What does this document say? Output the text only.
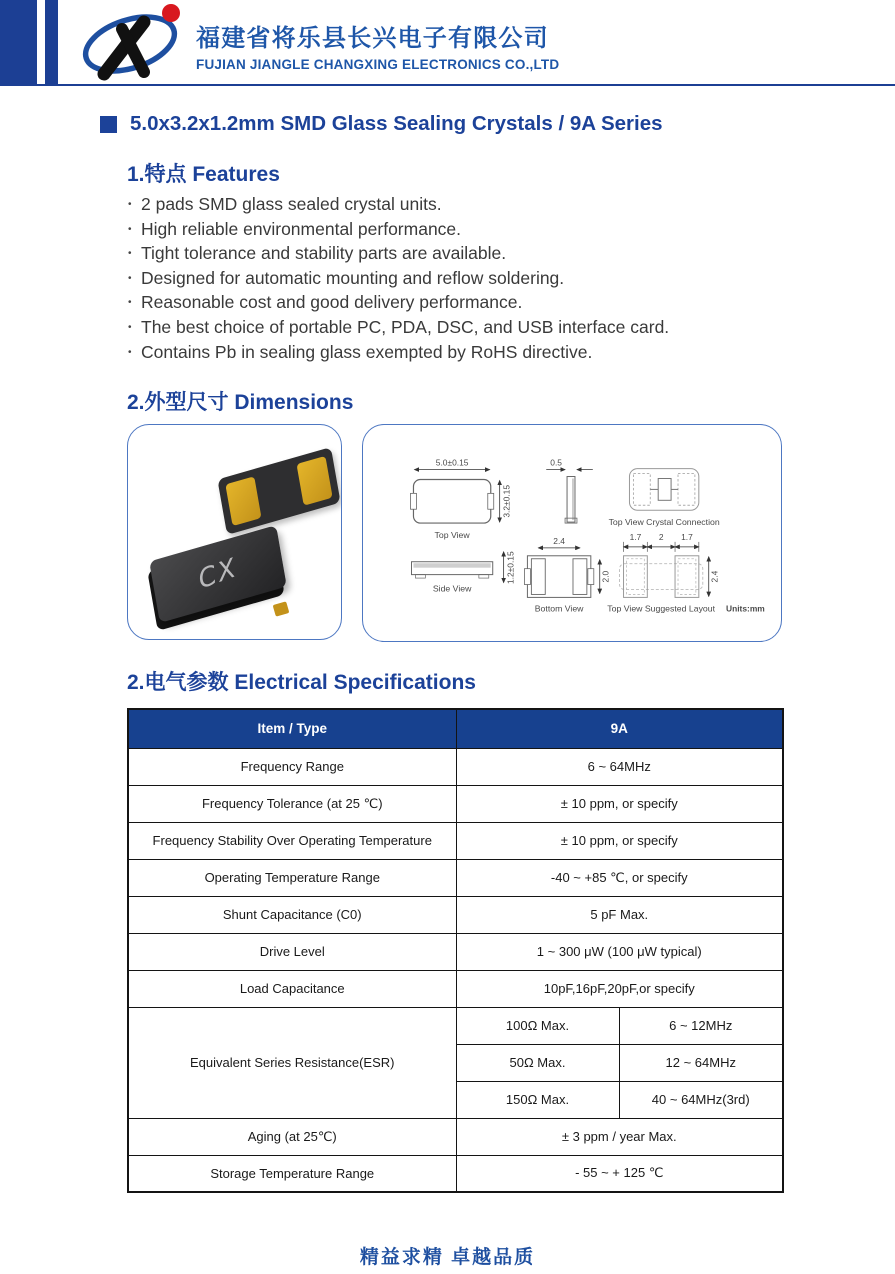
福建省将乐县长兴电子有限公司
FUJIAN JIANGLE CHANGXING ELECTRONICS CO.,LTD
5.0x3.2x1.2mm SMD Glass Sealing Crystals / 9A Series
1.特点 Features
• 2 pads SMD glass sealed crystal units.
• High reliable environmental performance.
• Tight tolerance and stability parts are available.
• Designed for automatic mounting and reflow soldering.
• Reasonable cost and good delivery performance.
• The best choice of portable PC, PDA, DSC, and USB interface card.
• Contains Pb in sealing glass exempted by RoHS directive.
2.外型尺寸 Dimensions
CX
5.0±0.15
3.2±0.15
Top View
0.5
Top View Crystal Connection
1.2±0.15
Side View
2.4
2.0
Bottom View
1.7 2 1.7
2.4
Top View Suggested Layout Units:mm
2.电气参数 Electrical Specifications
Item / Type	9A	
Frequency Range	6 ~ 64MHz	
Frequency Tolerance (at 25 ℃)	± 10 ppm, or specify	
Frequency Stability Over Operating Temperature	± 10 ppm, or specify	
Operating Temperature Range	-40 ~ +85 ℃, or specify	
Shunt Capacitance (C0)	5 pF Max.	
Drive Level	1 ~ 300 μW (100 μW typical)	
Load Capacitance	10pF,16pF,20pF,or specify	
Equivalent Series Resistance(ESR)	100Ω Max.	6 ~ 12MHz
	50Ω Max.	12 ~ 64MHz
	150Ω Max.	40 ~ 64MHz(3rd)
Aging (at 25℃)	± 3 ppm / year Max.	
Storage Temperature Range	- 55 ~ + 125 ℃	
精益求精 卓越品质
